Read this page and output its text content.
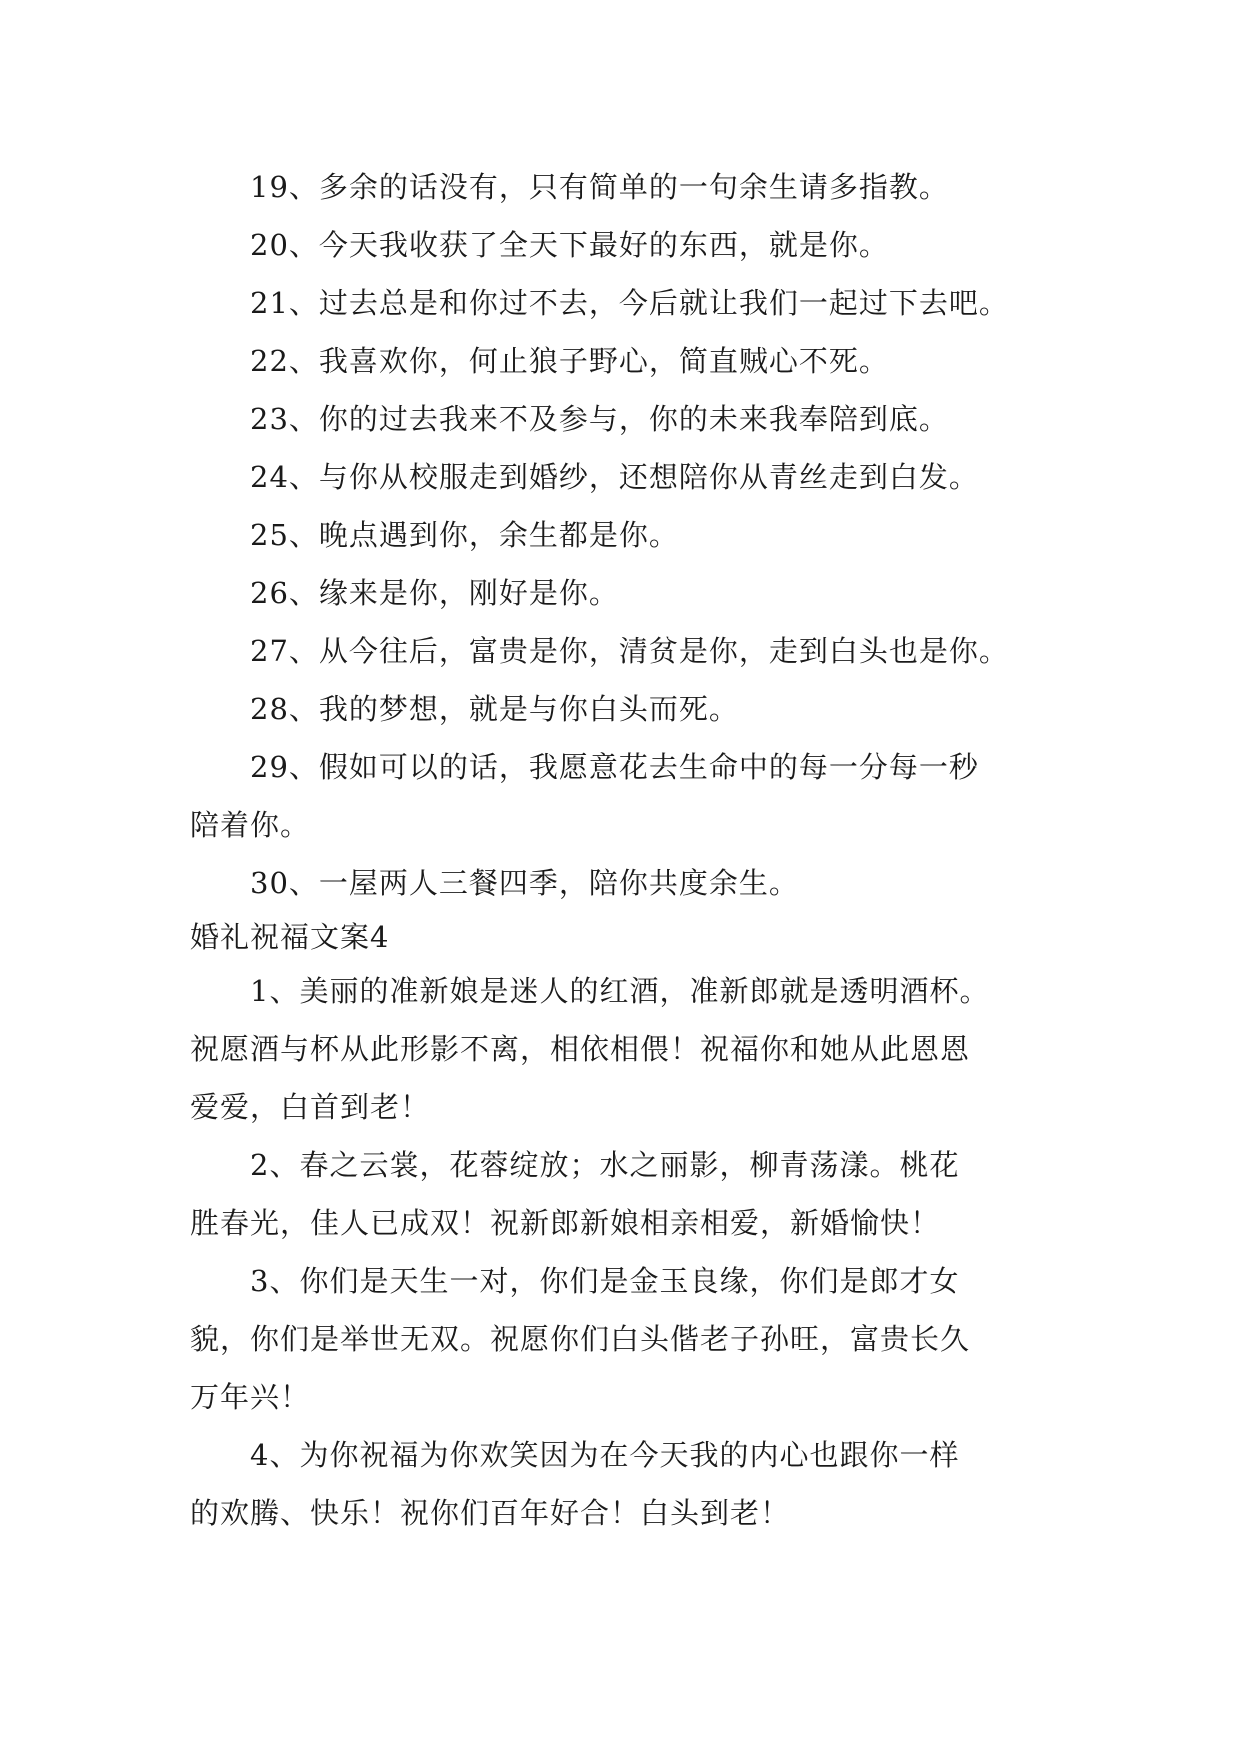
19、多余的话没有，只有简单的一句余生请多指教。
20、今天我收获了全天下最好的东西，就是你。
21、过去总是和你过不去，今后就让我们一起过下去吧。
22、我喜欢你，何止狼子野心，简直贼心不死。
23、你的过去我来不及参与，你的未来我奉陪到底。
24、与你从校服走到婚纱，还想陪你从青丝走到白发。
25、晚点遇到你，余生都是你。
26、缘来是你，刚好是你。
27、从今往后，富贵是你，清贫是你，走到白头也是你。
28、我的梦想，就是与你白头而死。
29、假如可以的话，我愿意花去生命中的每一分每一秒
陪着你。
30、一屋两人三餐四季，陪你共度余生。
婚礼祝福文案4
1、美丽的准新娘是迷人的红酒，准新郎就是透明酒杯。
祝愿酒与杯从此形影不离，相依相偎！祝福你和她从此恩恩
爱爱，白首到老！
2、春之云裳，花蓉绽放；水之丽影，柳青荡漾。桃花
胜春光，佳人已成双！祝新郎新娘相亲相爱，新婚愉快！
3、你们是天生一对，你们是金玉良缘，你们是郎才女
貌，你们是举世无双。祝愿你们白头偕老子孙旺，富贵长久
万年兴！
4、为你祝福为你欢笑因为在今天我的内心也跟你一样
的欢腾、快乐！祝你们百年好合！白头到老！
